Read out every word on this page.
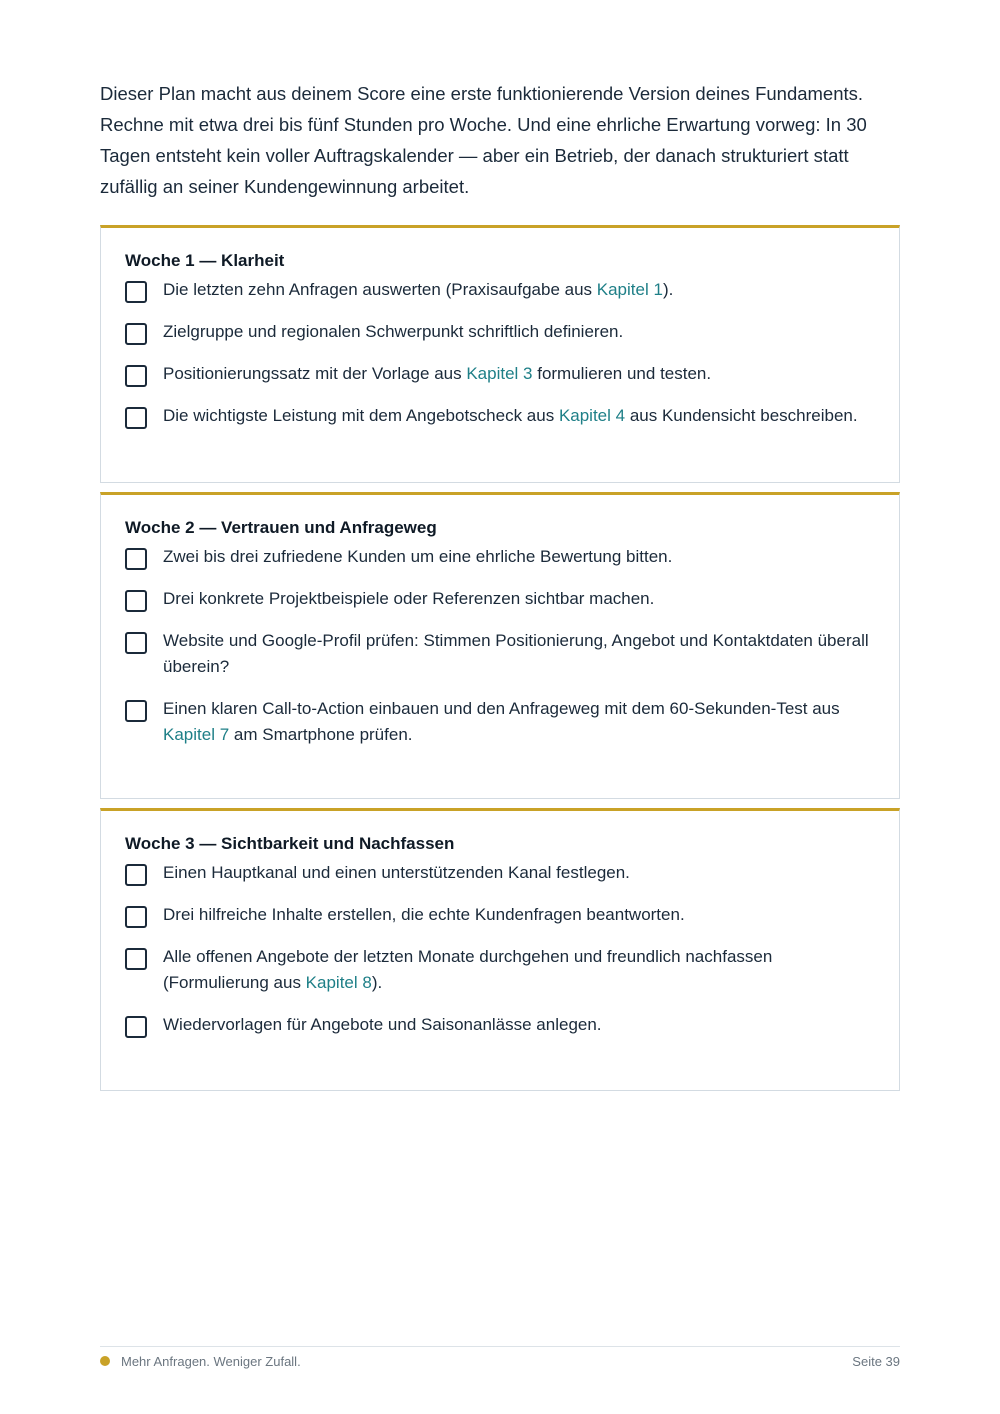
Dieser Plan macht aus deinem Score eine erste funktionierende Version deines Fundaments. Rechne mit etwa drei bis fünf Stunden pro Woche. Und eine ehrliche Erwartung vorweg: In 30 Tagen entsteht kein voller Auftragskalender — aber ein Betrieb, der danach strukturiert statt zufällig an seiner Kundengewinnung arbeitet.

Woche 1 — Klarheit
Die letzten zehn Anfragen auswerten (Praxisaufgabe aus Kapitel 1).
Zielgruppe und regionalen Schwerpunkt schriftlich definieren.
Positionierungssatz mit der Vorlage aus Kapitel 3 formulieren und testen.
Die wichtigste Leistung mit dem Angebotscheck aus Kapitel 4 aus Kundensicht beschreiben.
Woche 2 — Vertrauen und Anfrageweg
Zwei bis drei zufriedene Kunden um eine ehrliche Bewertung bitten.
Drei konkrete Projektbeispiele oder Referenzen sichtbar machen.
Website und Google-Profil prüfen: Stimmen Positionierung, Angebot und Kontaktdaten überall überein?
Einen klaren Call-to-Action einbauen und den Anfrageweg mit dem 60-Sekunden-Test aus Kapitel 7 am Smartphone prüfen.
Woche 3 — Sichtbarkeit und Nachfassen
Einen Hauptkanal und einen unterstützenden Kanal festlegen.
Drei hilfreiche Inhalte erstellen, die echte Kundenfragen beantworten.
Alle offenen Angebote der letzten Monate durchgehen und freundlich nachfassen (Formulierung aus Kapitel 8).
Wiedervorlagen für Angebote und Saisonanlässe anlegen.
Mehr Anfragen. Weniger Zufall.	Seite 39
